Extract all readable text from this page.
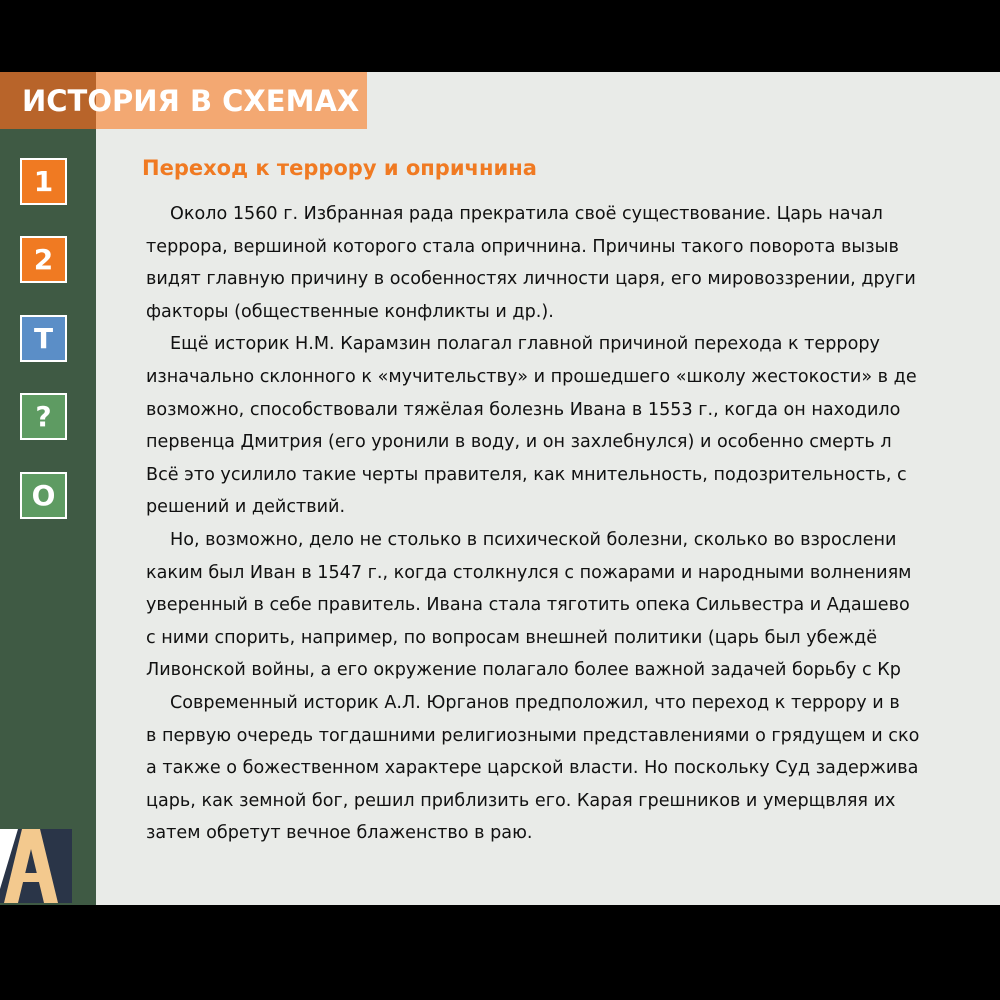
Переход к террору и опричнина
Около 1560 г. Избранная рада прекратила своё существование. Царь начал
террора, вершиной которого стала опричнина. Причины такого поворота вызыв
видят главную причину в особенностях личности царя, его мировоззрении, други
факторы (общественные конфликты и др.).
Ещё историк Н.М. Карамзин полагал главной причиной перехода к террору
изначально склонного к «мучительству» и прошедшего «школу жестокости» в де
возможно, способствовали тяжёлая болезнь Ивана в 1553 г., когда он находило
первенца Дмитрия (его уронили в воду, и он захлебнулся) и особенно смерть л
Всё это усилило такие черты правителя, как мнительность, подозрительность, с
решений и действий.
Но, возможно, дело не столько в психической болезни, сколько во взрослени
каким был Иван в 1547 г., когда столкнулся с пожарами и народными волнениям
уверенный в себе правитель. Ивана стала тяготить опека Сильвестра и Адашево
с ними спорить, например, по вопросам внешней политики (царь был убеждё
Ливонской войны, а его окружение полагало более важной задачей борьбу с Кр
Современный историк А.Л. Юрганов предположил, что переход к террору и в
в первую очередь тогдашними религиозными представлениями о грядущем и ско
а также о божественном характере царской власти. Но поскольку Суд задержива
царь, как земной бог, решил приблизить его. Карая грешников и умерщвляя их
затем обретут вечное блаженство в раю.
ИСТОРИЯ В СХЕМАХ
1
2
Т
?
О
